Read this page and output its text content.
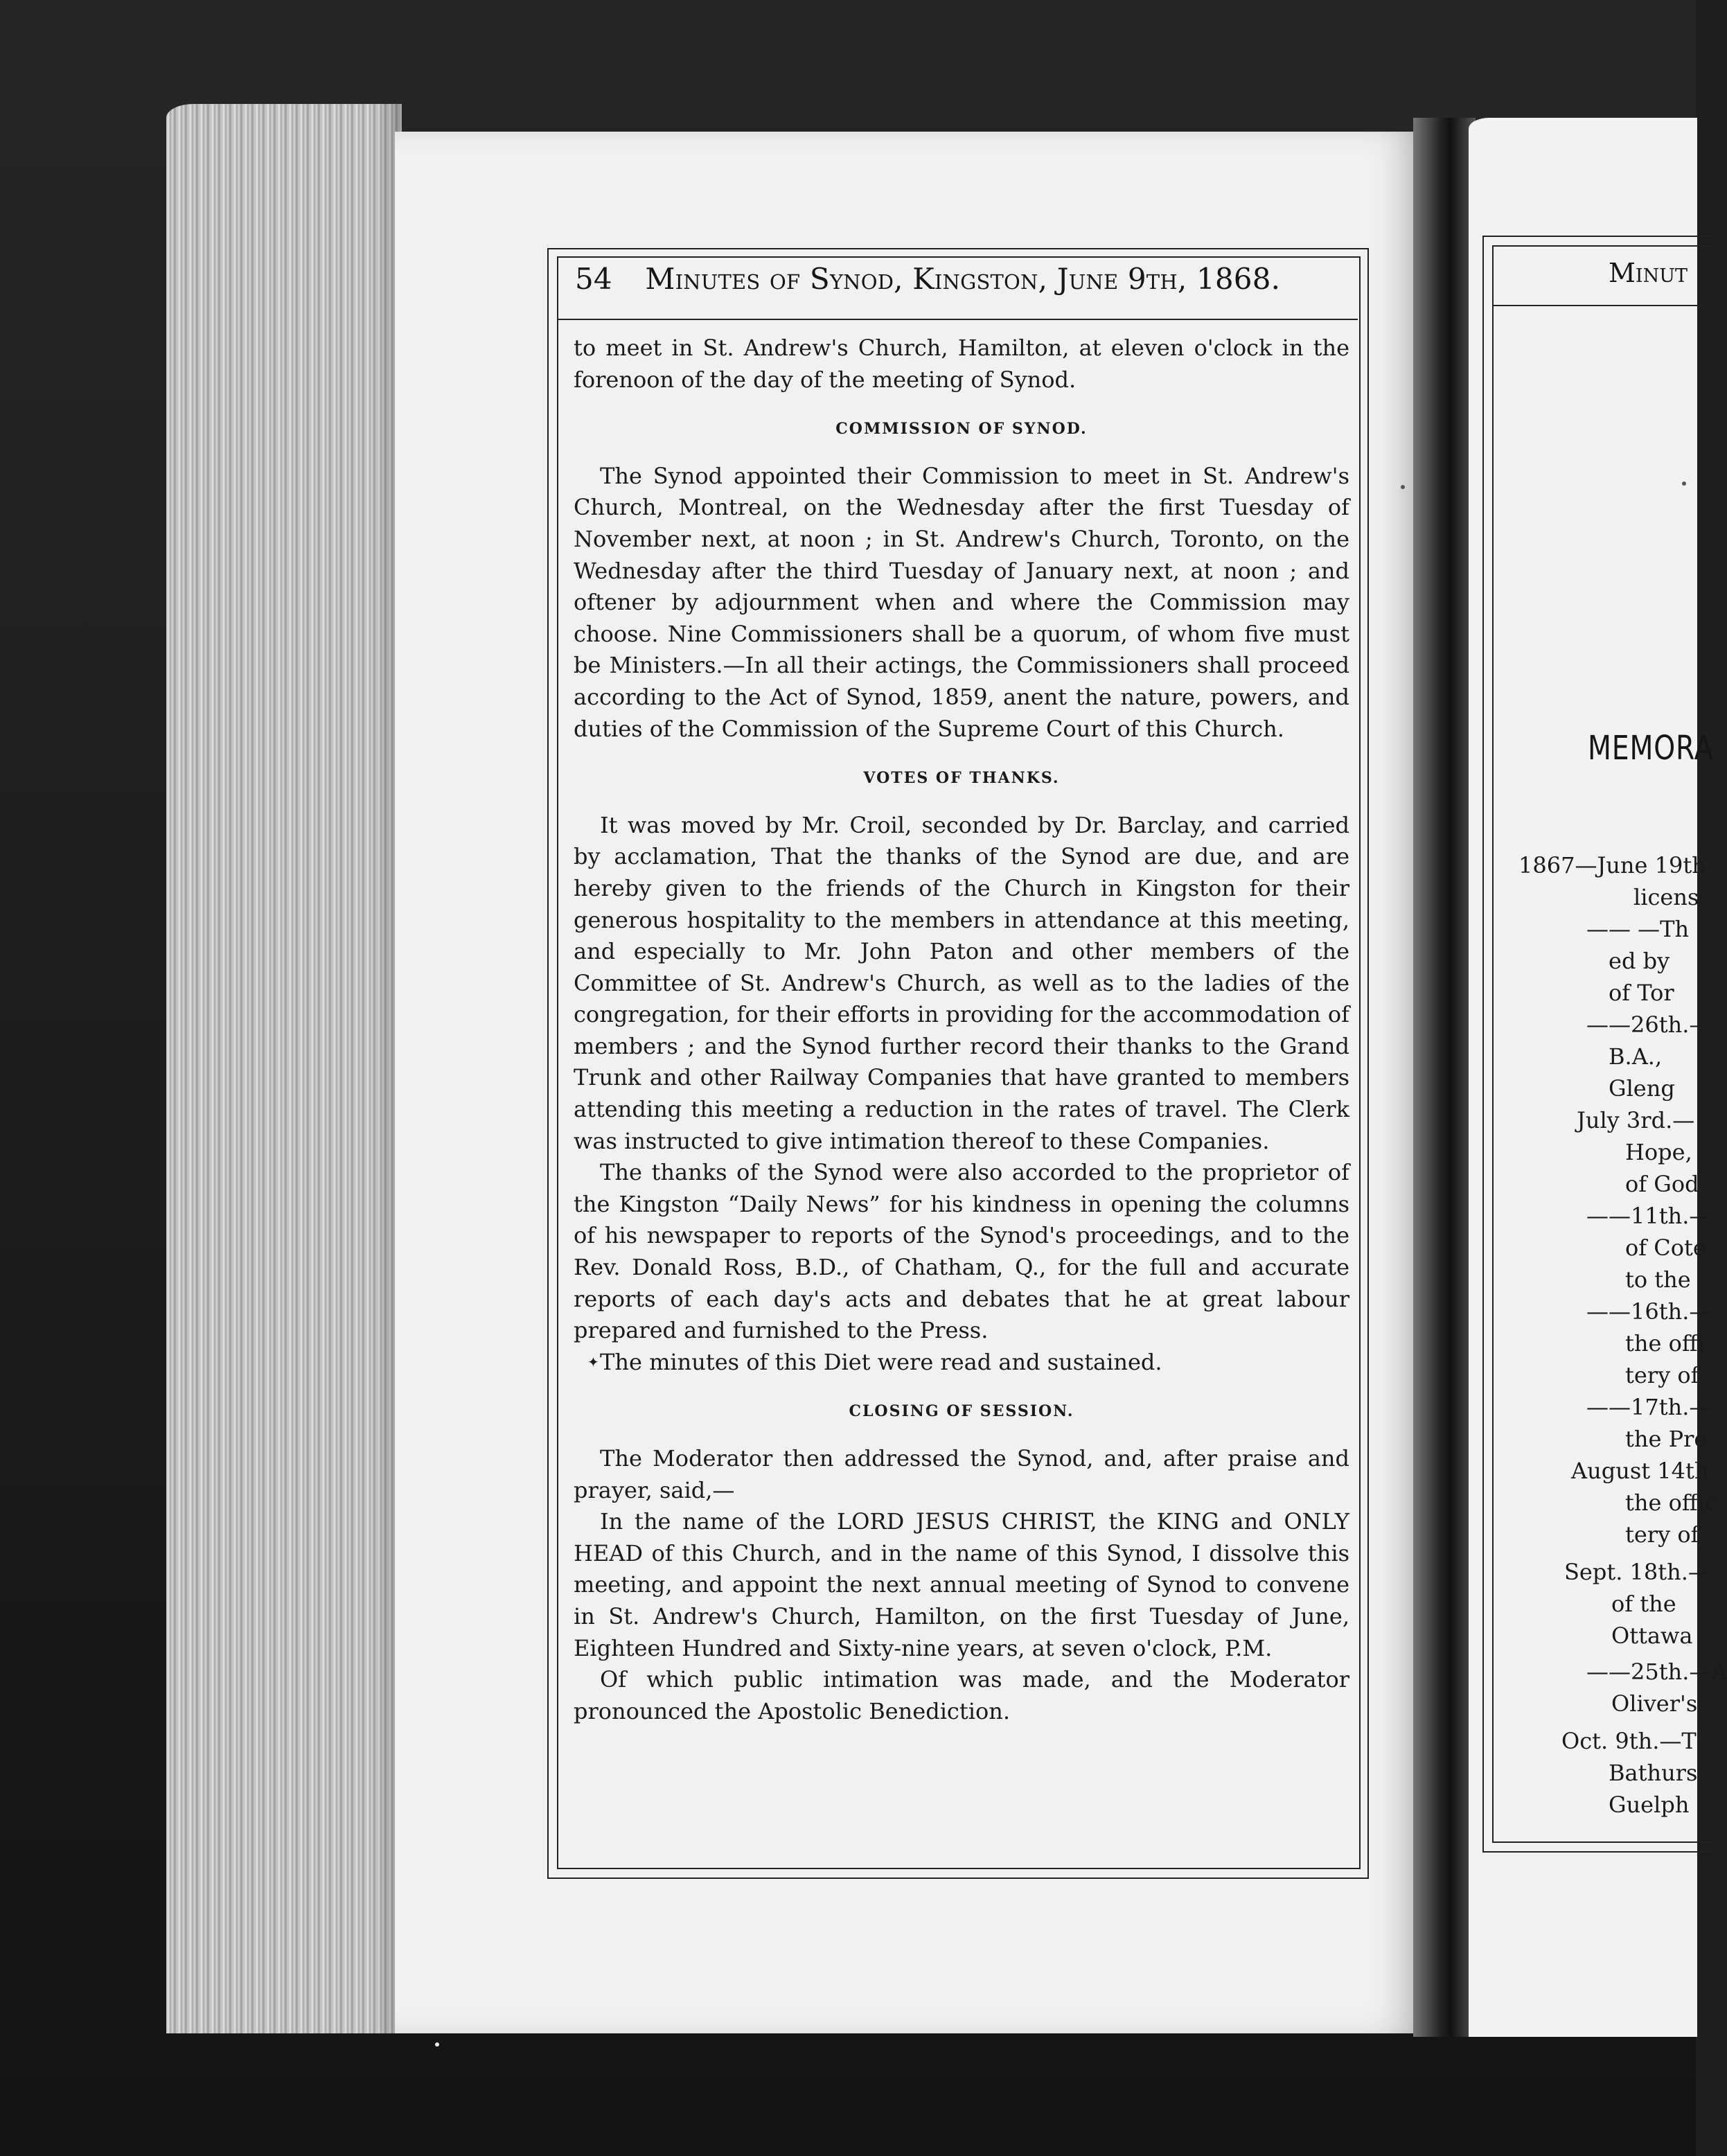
54 Minutes of Synod, Kingston, June 9th, 1868.

to meet in St. Andrew's Church, Hamilton, at eleven o'clock in the forenoon of the day of the meeting of Synod.

COMMISSION OF SYNOD.

The Synod appointed their Commission to meet in St. Andrew's Church, Montreal, on the Wednesday after the first Tuesday of November next, at noon ; in St. Andrew's Church, Toronto, on the Wednesday after the third Tuesday of January next, at noon ; and oftener by adjournment when and where the Commission may choose. Nine Commissioners shall be a quorum, of whom five must be Ministers.—In all their actings, the Commissioners shall proceed according to the Act of Synod, 1859, anent the nature, powers, and duties of the Commission of the Supreme Court of this Church.

VOTES OF THANKS.

It was moved by Mr. Croil, seconded by Dr. Barclay, and carried by acclamation, That the thanks of the Synod are due, and are hereby given to the friends of the Church in Kingston for their generous hospitality to the members in attendance at this meeting, and especially to Mr. John Paton and other members of the Committee of St. Andrew's Church, as well as to the ladies of the congregation, for their efforts in providing for the accommodation of members ; and the Synod further record their thanks to the Grand Trunk and other Railway Companies that have granted to members attending this meeting a reduction in the rates of travel. The Clerk was instructed to give intimation thereof to these Companies.

The thanks of the Synod were also accorded to the proprietor of the Kingston “Daily News” for his kindness in opening the columns of his newspaper to reports of the Synod's proceedings, and to the Rev. Donald Ross, B.D., of Chatham, Q., for the full and accurate reports of each day's acts and debates that he at great labour prepared and furnished to the Press.

✦ The minutes of this Diet were read and sustained.

CLOSING OF SESSION.

The Moderator then addressed the Synod, and, after praise and prayer, said,—

In the name of the LORD JESUS CHRIST, the KING and ONLY HEAD of this Church, and in the name of this Synod, I dissolve this meeting, and appoint the next annual meeting of Synod to convene in St. Andrew's Church, Hamilton, on the first Tuesday of June, Eighteen Hundred and Sixty-nine years, at seven o'clock, P.M.

Of which public intimation was made, and the Moderator pronounced the Apostolic Benediction.

Minut
MEMORA
1867—June 19th
licens
—— —Th
ed by
of Tor
——26th.–
B.A.,
Gleng
July 3rd.—
Hope,
of God
——11th.—
of Cote
to the
——16th.—
the offi
tery of
——17th.—
the Pre
August 14th
the offic
tery of
Sept. 18th.—
of the
Ottawa
——25th.—A
Oliver's
Oct. 9th.—T
Bathurs
Guelph
